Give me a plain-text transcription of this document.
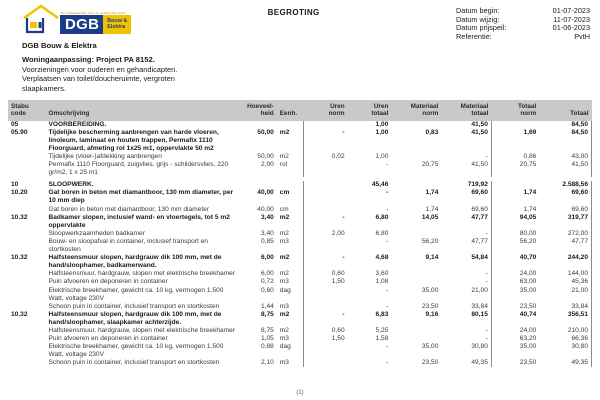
De samenwerker voor je je thuis bij voelt
DGB	Bouw &
Elektra
BEGROTING	Datum begin:	01-07-2023
Datum wijzig:	11-07-2023
Datum prijspeil:	01-06-2023
Referentie:	PvtH
DGB Bouw & Elektra
Woningaanpassing: Project PA 8152.
Voorzieningen voor ouderen en gehandicapten.
Verplaatsen van toilet/doucheruimte, vergroten
slaapkamers.
Stabu
code	Omschrijving

Hoeveel-
heid	Eenh.

Uren
norm

Uren
totaal

Materiaal
norm

Materiaal
totaal

Totaal
norm	Totaal

05	VOORBEREIDING.				1,00		41,50		84,50
05.90	Tijdelijke bescherming aanbrengen van harde vloeren, linoleum, laminaat en houten trappen, Permafix 1110 Floorguard, afmeting rol 1x25 m1, oppervlakte 50 m2	50,00	m2	-	1,00	0,83	41,50	1,69	84,50
	Tijdelijke (vloer-)afdekking aanbrengen	50,00	m2	0,02	1,00		-	0,86	43,00
	Permafix 1110 Floorguard, zuigvlies, grijs - schildersvlies, 220 gr/m2, 1 x 25 m1	2,00	rol		-	20,75	41,50	20,75	41,50

10	SLOOPWERK.				45,46		719,92		2.588,56
10.20	Gat boren in beton met diamantboor, 130 mm diameter, per 10 mm diep	40,00	cm		-	1,74	69,60	1,74	69,60
	Gat boren in beton met diamantboor, 130 mm diameter	40,00	cm		-	1,74	69,60	1,74	69,60
10.32	Badkamer slopen, inclusief wand- en vloertegels, tot 5 m2 oppervlakte	3,40	m2	-	6,80	14,05	47,77	94,05	319,77
	Sloopwerkzaamheden badkamer	3,40	m2	2,00	6,80		-	80,00	272,00
	Bouw- en sloopafval in container, inclusief transport en stortkosten	0,85	m3		-	56,20	47,77	56,20	47,77
10.32	Halfsteensmuur slopen, hardgrauw dik 100 mm, met de hand/sloophamer, badkamerwand.	6,00	m2	-	4,68	9,14	54,84	40,70	244,20
	Halfsteensmuur, hardgrauw, slopen met elektrische breekhamer	6,00	m2	0,60	3,60		-	24,00	144,00
	Puin afvoeren en deponeren in container	0,72	m3	1,50	1,08		-	63,00	45,36
	Elektrische breekhamer, gewicht ca. 10 kg, vermogen 1.500 Watt, voltage 230V	0,60	dag		-	35,00	21,00	35,00	21,00
	Schoon puin in container, inclusief transport en stortkosten	1,44	m3		-	23,50	33,84	23,50	33,84
10.32	Halfsteensmuur slopen, hardgrauw dik 100 mm, met de hand/sloophamer, slaapkamer achterzijde.	8,75	m2	-	6,83	9,16	80,15	40,74	356,51
	Halfsteensmuur, hardgrauw, slopen met elektrische breekhamer	8,75	m2	0,60	5,25		-	24,00	210,00
	Puin afvoeren en deponeren in container	1,05	m3	1,50	1,58		-	63,20	66,36
	Elektrische breekhamer, gewicht ca. 10 kg, vermogen 1.500 Watt, voltage 230V	0,88	dag		-	35,00	30,80	35,00	30,80
	Schoon puin in container, inclusief transport en stortkosten	2,10	m3		-	23,50	49,35	23,50	49,35
(1)
